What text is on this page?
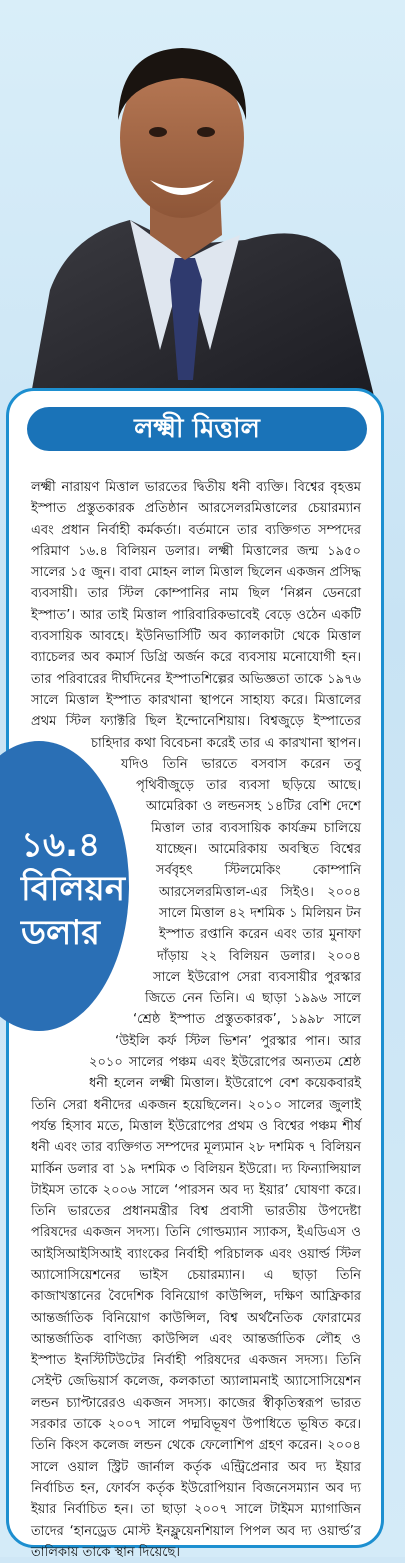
লক্ষ্মী মিত্তাল
১৬.৪
বিলিয়ন
ডলার

লক্ষ্মী নারায়ণ মিত্তাল ভারতের দ্বিতীয় ধনী ব্যক্তি। বিশ্বের বৃহত্তম ইস্পাত প্রস্তুতকারক প্রতিষ্ঠান আরসেলরমিত্তালের চেয়ারম্যান এবং প্রধান নির্বাহী কর্মকর্তা। বর্তমানে তার ব্যক্তিগত সম্পদের পরিমাণ ১৬.৪ বিলিয়ন ডলার। লক্ষ্মী মিত্তালের জন্ম ১৯৫০ সালের ১৫ জুন। বাবা মোহন লাল মিত্তাল ছিলেন একজন প্রসিদ্ধ ব্যবসায়ী। তার স্টিল কোম্পানির নাম ছিল ‘নিপ্পন ডেনরো ইস্পাত’। আর তাই মিত্তাল পারিবারিকভাবেই বেড়ে ওঠেন একটি ব্যবসায়িক আবহে। ইউনিভার্সিটি অব ক্যালকাটা থেকে মিত্তাল ব্যাচেলর অব কমার্স ডিগ্রি অর্জন করে ব্যবসায় মনোযোগী হন। তার পরিবারের দীর্ঘদিনের ইস্পাতশিল্পের অভিজ্ঞতা তাকে ১৯৭৬ সালে মিত্তাল ইস্পাত কারখানা স্থাপনে সাহায্য করে। মিত্তালের প্রথম স্টিল ফ্যাক্টরি ছিল ইন্দোনেশিয়ায়। বিশ্বজুড়ে ইস্পাতের চাহিদার কথা বিবেচনা করেই তার এ কারখানা স্থাপন। যদিও তিনি ভারতে বসবাস করেন তবু পৃথিবীজুড়ে তার ব্যবসা ছড়িয়ে আছে। আমেরিকা ও লন্ডনসহ ১৪টির বেশি দেশে মিত্তাল তার ব্যবসায়িক কার্যক্রম চালিয়ে যাচ্ছেন। আমেরিকায় অবস্থিত বিশ্বের সর্ববৃহৎ স্টিলমেকিং কোম্পানি আরসেলরমিত্তাল-এর সিইও। ২০০৪ সালে মিত্তাল ৪২ দশমিক ১ মিলিয়ন টন ইস্পাত রপ্তানি করেন এবং তার মুনাফা দাঁড়ায় ২২ বিলিয়ন ডলার। ২০০৪ সালে ইউরোপ সেরা ব্যবসায়ীর পুরস্কার জিতে নেন তিনি। এ ছাড়া ১৯৯৬ সালে ‘শ্রেষ্ঠ ইস্পাত প্রস্তুতকারক’, ১৯৯৮ সালে ‘উইলি কর্ফ স্টিল ভিশন’ পুরস্কার পান। আর ২০১০ সালের পঞ্চম এবং ইউরোপের অন্যতম শ্রেষ্ঠ ধনী হলেন লক্ষ্মী মিত্তাল। ইউরোপে বেশ কয়েকবারই তিনি সেরা ধনীদের একজন হয়েছিলেন। ২০১০ সালের জুলাই পর্যন্ত হিসাব মতে, মিত্তাল ইউরোপের প্রথম ও বিশ্বের পঞ্চম শীর্ষ ধনী এবং তার ব্যক্তিগত সম্পদের মূল্যমান ২৮ দশমিক ৭ বিলিয়ন মার্কিন ডলার বা ১৯ দশমিক ৩ বিলিয়ন ইউরো। দ্য ফিন্যান্সিয়াল টাইমস তাকে ২০০৬ সালে ‘পারসন অব দ্য ইয়ার’ ঘোষণা করে। তিনি ভারতের প্রধানমন্ত্রীর বিশ্ব প্রবাসী ভারতীয় উপদেষ্টা পরিষদের একজন সদস্য। তিনি গোল্ডম্যান স্যাকস, ইএডিএস ও আইসিআইসিআই ব্যাংকের নির্বাহী পরিচালক এবং ওয়ার্ল্ড স্টিল অ্যাসোসিয়েশনের ভাইস চেয়ারম্যান। এ ছাড়া তিনি কাজাখস্তানের বৈদেশিক বিনিয়োগ কাউন্সিল, দক্ষিণ আফ্রিকার আন্তর্জাতিক বিনিয়োগ কাউন্সিল, বিশ্ব অর্থনৈতিক ফোরামের আন্তর্জাতিক বাণিজ্য কাউন্সিল এবং আন্তর্জাতিক লৌহ ও ইস্পাত ইনস্টিটিউটের নির্বাহী পরিষদের একজন সদস্য। তিনি সেইন্ট জেভিয়ার্স কলেজ, কলকাতা অ্যালামনাই অ্যাসোসিয়েশন লন্ডন চ্যাপ্টারেরও একজন সদস্য। কাজের স্বীকৃতিস্বরূপ ভারত সরকার তাকে ২০০৭ সালে পদ্মবিভূষণ উপাধিতে ভূষিত করে। তিনি কিংস কলেজ লন্ডন থেকে ফেলোশিপ গ্রহণ করেন। ২০০৪ সালে ওয়াল স্ট্রিট জার্নাল কর্তৃক এন্ট্রিপ্রেনার অব দ্য ইয়ার নির্বাচিত হন, ফোর্বস কর্তৃক ইউরোপিয়ান বিজনেসম্যান অব দ্য ইয়ার নির্বাচিত হন। তা ছাড়া ২০০৭ সালে টাইমস ম্যাগাজিন তাদের ‘হানড্রেড মোস্ট ইনফ্লুয়েনশিয়াল পিপল অব দ্য ওয়ার্ল্ড’র তালিকায় তাকে স্থান দিয়েছে।
